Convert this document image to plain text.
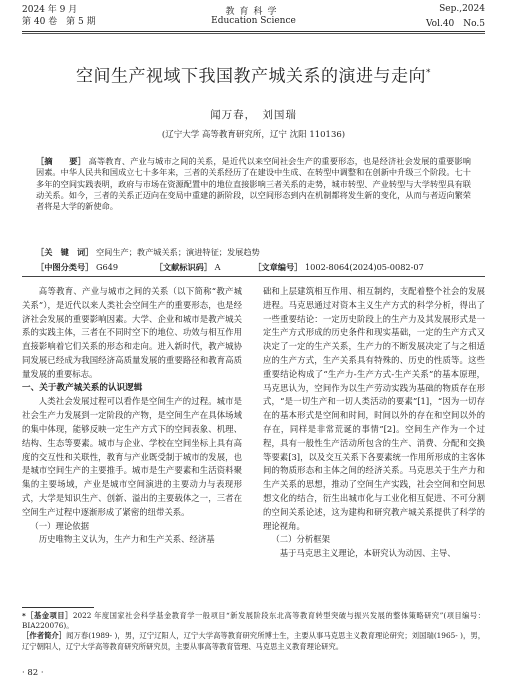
2024 年 9 月
第 40 卷　第 5 期
教育科学
Education Science
Sep.,2024
Vol.40　No.5
空间生产视域下我国教产城关系的演进与走向*
闻万春，　刘国瑞
(辽宁大学 高等教育研究所，辽宁 沈阳 110136)
［摘　　要］ 高等教育、产业与城市之间的关系，是近代以来空间社会生产的重要形态，也是经济社会发展的重要影响因素。中华人民共和国成立七十多年来，三者的关系经历了在建设中生成、在转型中调整和在创新中升级三个阶段。七十多年的空间实践表明，政府与市场在资源配置中的地位直接影响三者关系的走势，城市转型、产业转型与大学转型具有联动关系。如今，三者的关系正迈向在变局中重建的新阶段，以空间形态到内在机制都将发生新的变化，从而与者迈向繁荣者将是大学的新使命。
［关　键　词］ 空间生产；教产城关系；演进特征；发展趋势
［中图分类号］ G649	［文献标识码］ A	［文章编号］ 1002-8064(2024)05-0082-07

高等教育、产业与城市之间的关系（以下简称“教产城关系”），是近代以来人类社会空间生产的重要形态，也是经济社会发展的重要影响因素。大学、企业和城市是教产城关系的实践主体，三者在不同时空下的地位、功效与相互作用直接影响着它们关系的形态和走向。进入新时代，教产城协同发展已经成为我国经济高质量发展的重要路径和教育高质量发展的重要标志。

一、关于教产城关系的认识逻辑

人类社会发展过程可以看作是空间生产的过程。城市是社会生产力发展到一定阶段的产物，是空间生产在具体场域的集中体现，能够反映一定生产方式下的空间表象、机理、结构、生态等要素。城市与企业、学校在空间坐标上具有高度的交互性和关联性，教育与产业既受制于城市的发展，也是城市空间生产的主要推手。城市是生产要素和生活资料聚集的主要场域，产业是城市空间演进的主要动力与表现形式，大学是知识生产、创新、溢出的主要载体之一，三者在空间生产过程中逐渐形成了紧密的纽带关系。

（一）理论依据

历史唯物主义认为，生产力和生产关系、经济基

础和上层建筑相互作用、相互制约，支配着整个社会的发展进程。马克思通过对资本主义生产方式的科学分析，得出了一些重要结论：一定历史阶段上的生产力及其发展形式是一定生产方式形成的历史条件和现实基础，一定的生产方式又决定了一定的生产关系，生产力的不断发展决定了与之相适应的生产方式，生产关系具有特殊的、历史的性质等。这些重要结论构成了“生产力-生产方式-生产关系”的基本原理，马克思认为，空间作为以生产劳动实践为基础的物质存在形式，“是一切生产和一切人类活动的要素”[1]，“因为一切存在的基本形式是空间和时间，时间以外的存在和空间以外的存在，同样是非常荒诞的事情”[2]。空间生产作为一个过程，具有一般性生产活动所包含的生产、消费、分配和交换等要素[3]，以及交互关系下各要素统一作用所形成的主客体间的物质形态和主体之间的经济关系。马克思关于生产力和生产关系的思想，推动了空间生产实践，社会空间和空间思想文化的结合，衍生出城市化与工业化相互促进、不可分割的空间关系论述，这为建构和研究教产城关系提供了科学的理论视角。

（二）分析框架

基于马克思主义理论，本研究认为动因、主导、

*［基金项目］2022 年度国家社会科学基金教育学一般项目“新发展阶段东北高等教育转型突破与振兴发展的整体策略研究”(项目编号：BIA220076)。

［作者简介］闻万春(1989- )，男，辽宁辽阳人，辽宁大学高等教育研究所博士生，主要从事马克思主义教育理论研究；刘国瑞(1965- )，男，辽宁朝阳人，辽宁大学高等教育研究所研究员，主要从事高等教育管理、马克思主义教育理论研究。

· 82 ·
